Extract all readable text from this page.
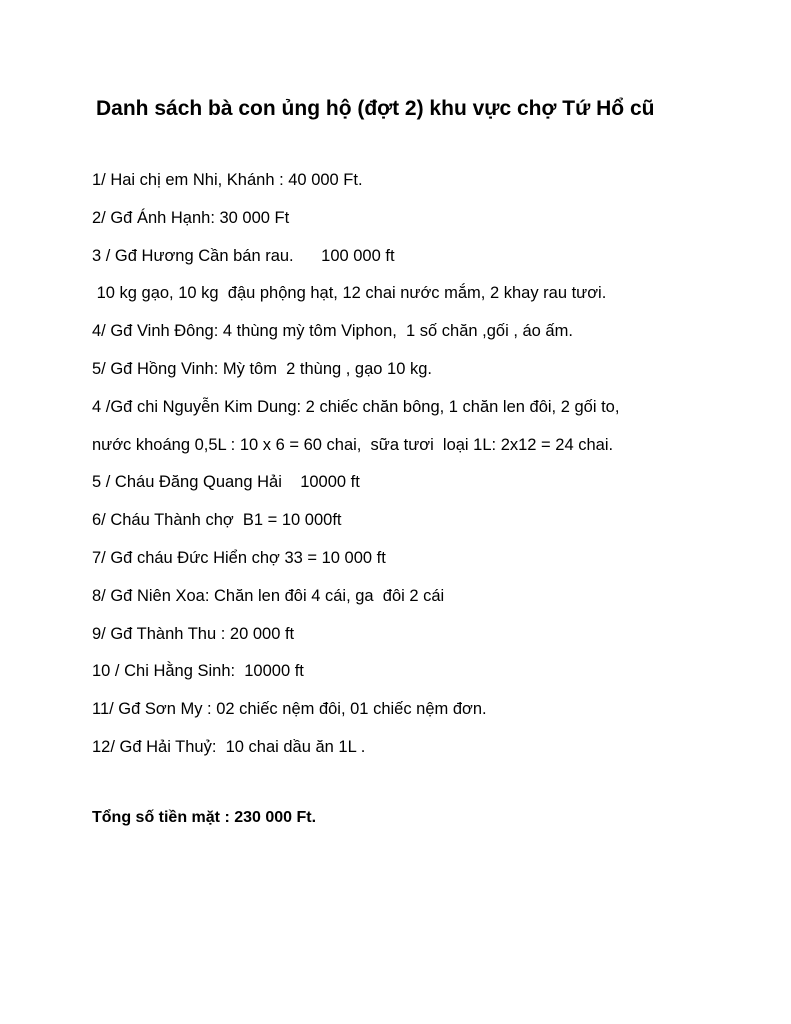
Danh sách bà con ủng hộ (đợt 2) khu vực chợ Tứ Hổ cũ
1/ Hai chị em Nhi, Khánh : 40 000 Ft.
2/ Gđ Ánh Hạnh: 30 000 Ft
3 / Gđ Hương Cần bán rau.      100 000 ft
10 kg gạo, 10 kg  đậu phộng hạt, 12 chai nước mắm, 2 khay rau tươi.
4/ Gđ Vinh Đông: 4 thùng mỳ tôm Viphon,  1 số chăn ,gối , áo ấm.
5/ Gđ Hồng Vinh: Mỳ tôm  2 thùng , gạo 10 kg.
4 /Gđ chi Nguyễn Kim Dung: 2 chiếc chăn bông, 1 chăn len đôi, 2 gối to,
nước khoáng 0,5L : 10 x 6 = 60 chai,  sữa tươi  loại 1L: 2x12 = 24 chai.
5 / Cháu Đăng Quang Hải    10000 ft
6/ Cháu Thành chợ  B1 = 10 000ft
7/ Gđ cháu Đức Hiển chợ 33 = 10 000 ft
8/ Gđ Niên Xoa: Chăn len đôi 4 cái, ga  đôi 2 cái
9/ Gđ Thành Thu : 20 000 ft
10 / Chi Hằng Sinh:  10000 ft
11/ Gđ Sơn My : 02 chiếc nệm đôi, 01 chiếc nệm đơn.
12/ Gđ Hải Thuỷ:  10 chai dầu ăn 1L .

Tổng số tiền mặt : 230 000 Ft.
